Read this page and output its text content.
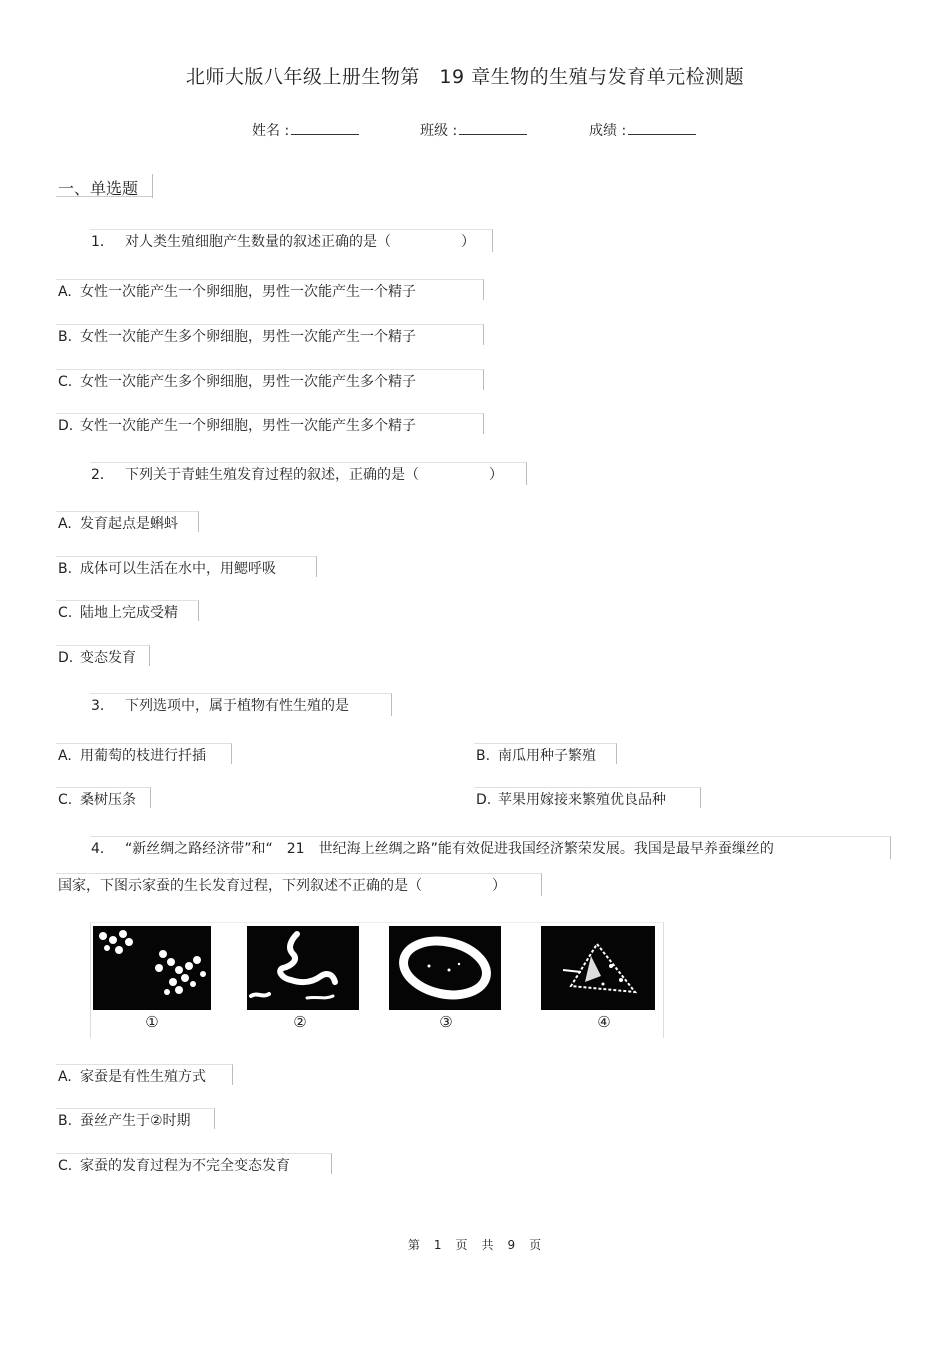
北师大版八年级上册生物第　19 章生物的生殖与发育单元检测题
姓名 :	班级 :	成绩 :
一、单选题
1． 对人类生殖细胞产生数量的叙述正确的是（　　　　　）
A. 女性一次能产生一个卵细胞，男性一次能产生一个精子
B. 女性一次能产生多个卵细胞，男性一次能产生一个精子
C. 女性一次能产生多个卵细胞，男性一次能产生多个精子
D. 女性一次能产生一个卵细胞，男性一次能产生多个精子
2． 下列关于青蛙生殖发育过程的叙述，正确的是（　　　　　）
A. 发育起点是蝌蚪
B. 成体可以生活在水中，用鳃呼吸
C. 陆地上完成受精
D. 变态发育
3． 下列选项中，属于植物有性生殖的是
A. 用葡萄的枝进行扦插	B. 南瓜用种子繁殖
C. 桑树压条	D. 苹果用嫁接来繁殖优良品种
4． “新丝绸之路经济带”和“　21　世纪海上丝绸之路”能有效促进我国经济繁荣发展。我国是最早养蚕缫丝的
国家，下图示家蚕的生长发育过程，下列叙述不正确的是（　　　　　）
①	②	③	④
A. 家蚕是有性生殖方式
B. 蚕丝产生于②时期
C. 家蚕的发育过程为不完全变态发育
第　1　页　共　9　页
